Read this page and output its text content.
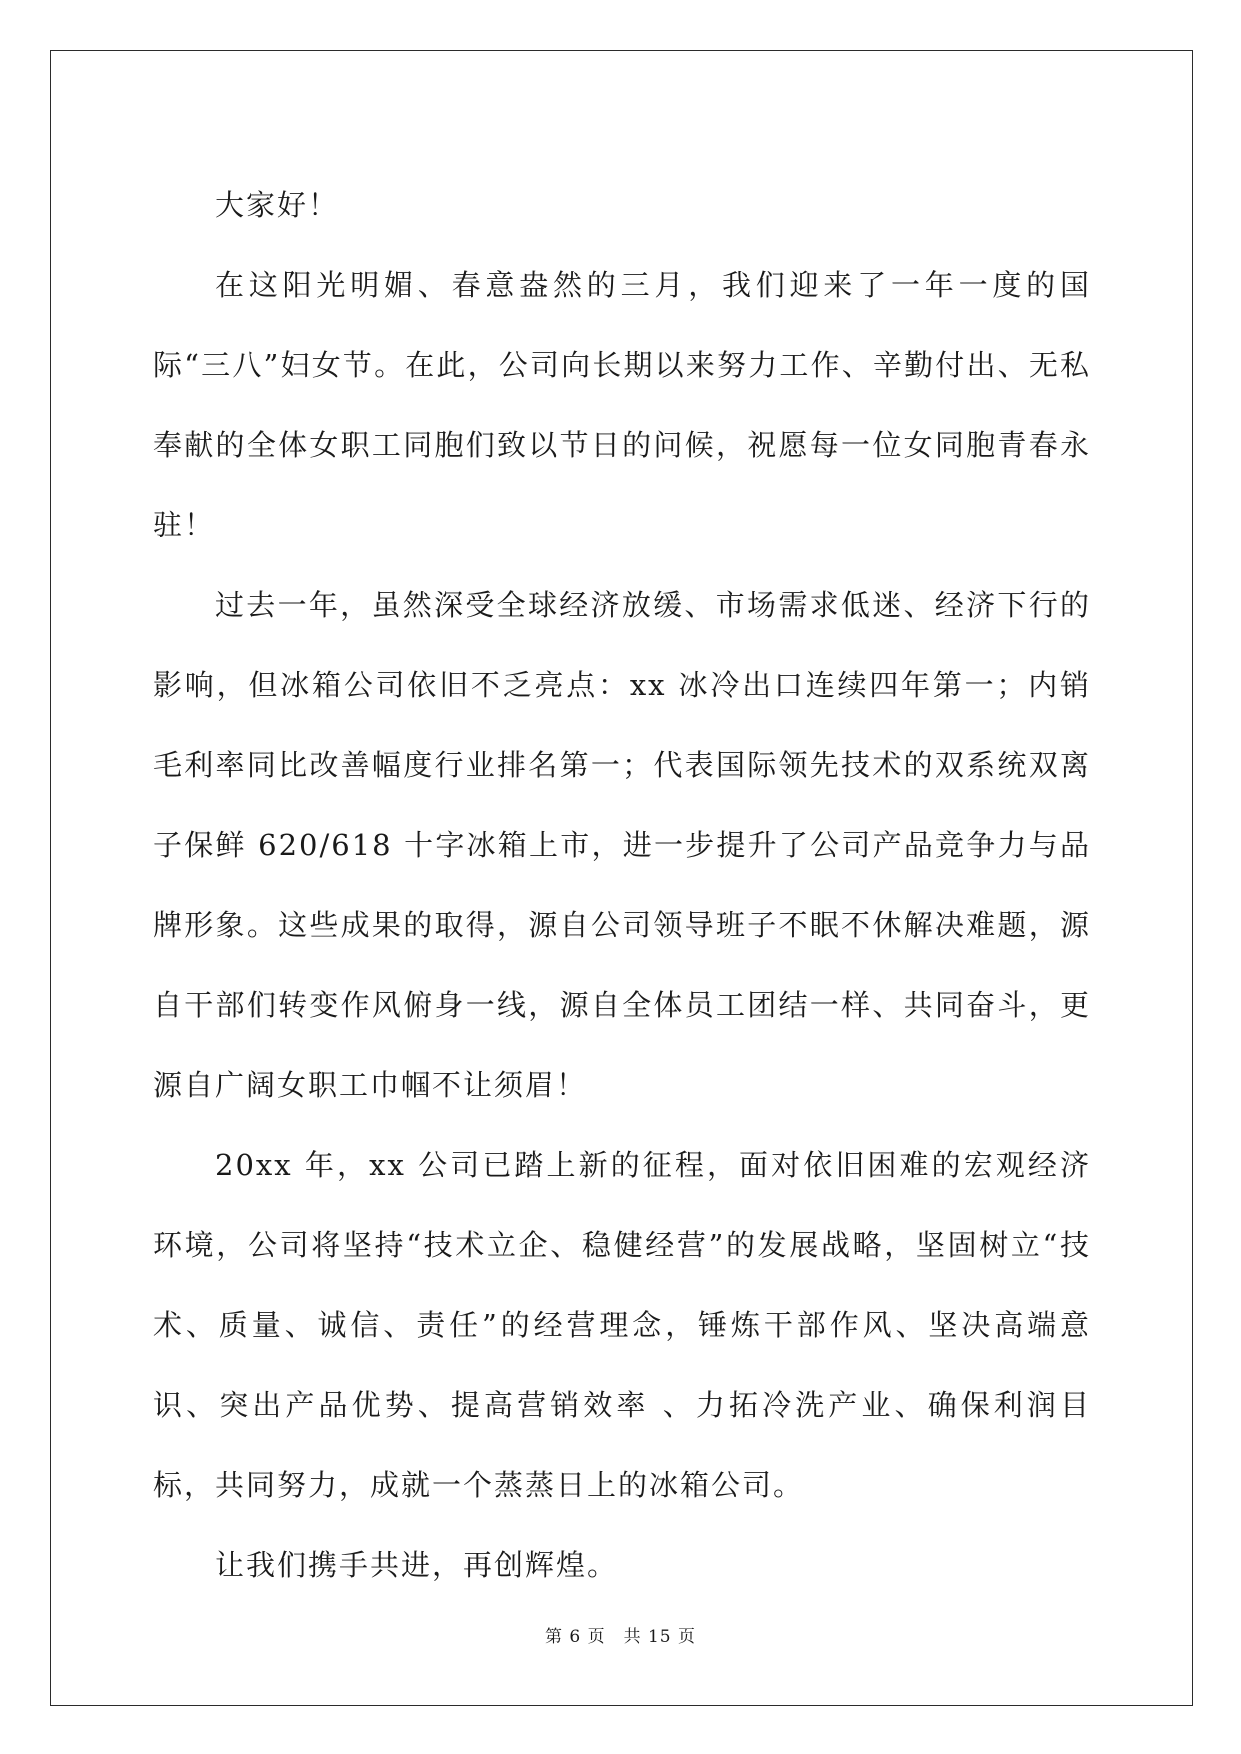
大家好！

在这阳光明媚、春意盎然的三月，我们迎来了一年一度的国际“三八”妇女节。在此，公司向长期以来努力工作、辛勤付出、无私奉献的全体女职工同胞们致以节日的问候，祝愿每一位女同胞青春永驻！

过去一年，虽然深受全球经济放缓、市场需求低迷、经济下行的影响，但冰箱公司依旧不乏亮点：xx 冰冷出口连续四年第一；内销毛利率同比改善幅度行业排名第一；代表国际领先技术的双系统双离子保鲜 620/618 十字冰箱上市，进一步提升了公司产品竞争力与品牌形象。这些成果的取得，源自公司领导班子不眠不休解决难题，源自干部们转变作风俯身一线，源自全体员工团结一样、共同奋斗，更源自广阔女职工巾帼不让须眉！

20xx 年，xx 公司已踏上新的征程，面对依旧困难的宏观经济环境，公司将坚持“技术立企、稳健经营”的发展战略，坚固树立“技术、质量、诚信、责任”的经营理念，锤炼干部作风、坚决高端意识、突出产品优势、提高营销效率 、力拓冷洗产业、确保利润目标，共同努力，成就一个蒸蒸日上的冰箱公司。

让我们携手共进，再创辉煌。

第 6 页 共 15 页
